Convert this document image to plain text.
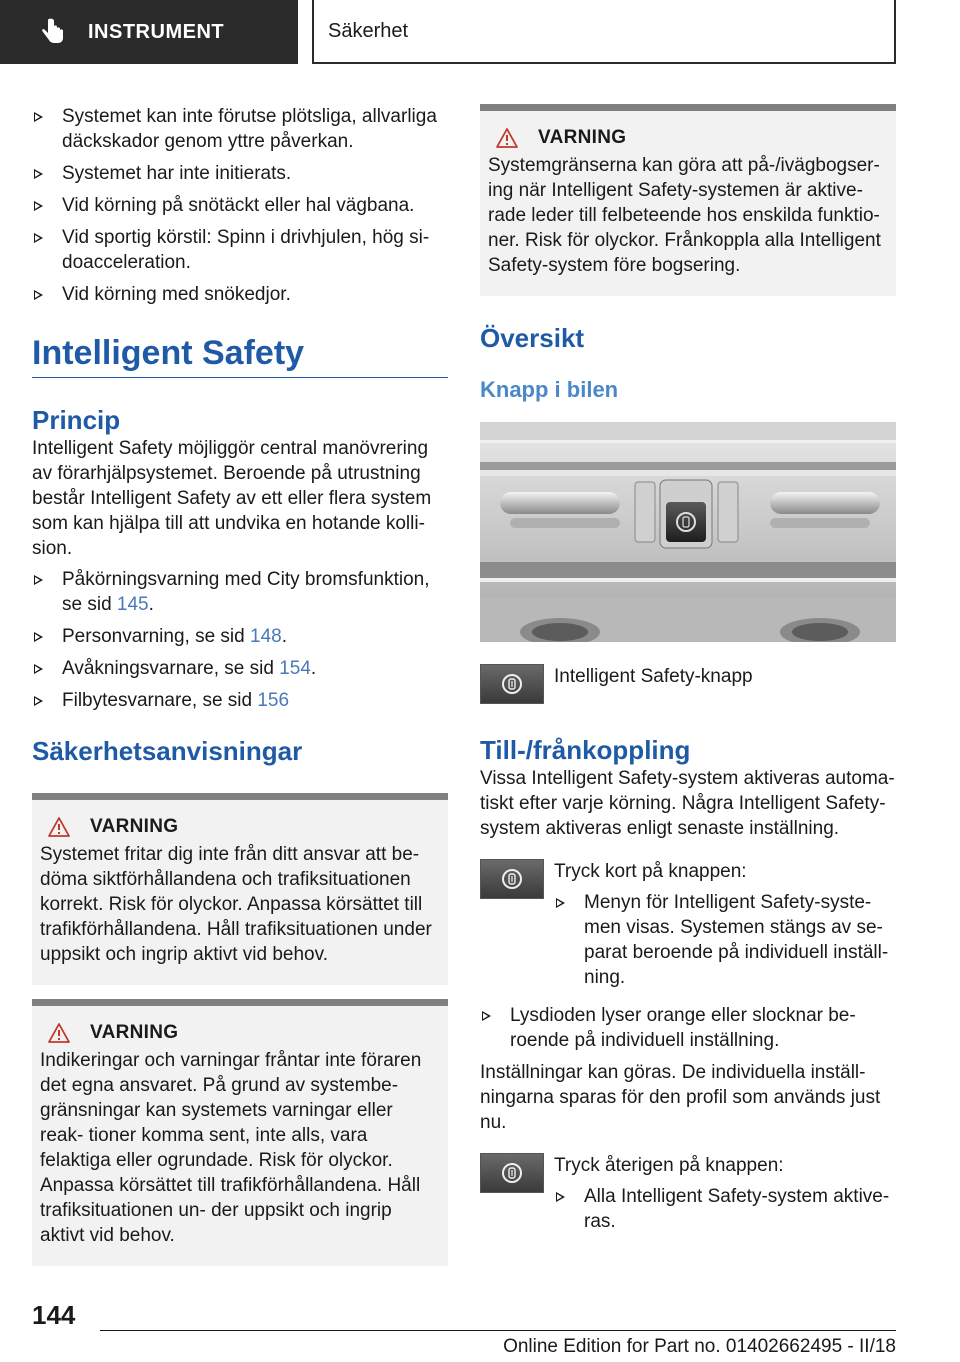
INSTRUMENT	Säkerhet
Systemet kan inte förutse plötsliga, allvarliga däckskador genom yttre påverkan.
Systemet har inte initierats.
Vid körning på snötäckt eller hal vägbana.
Vid sportig körstil: Spinn i drivhjulen, hög si- doacceleration.
Vid körning med snökedjor.
Intelligent Safety
Princip

Intelligent Safety möjliggör central manövrering av förarhjälpsystemet. Beroende på utrustning består Intelligent Safety av ett eller flera system som kan hjälpa till att undvika en hotande kolli- sion.

Påkörningsvarning med City bromsfunktion, se sid 145.
Personvarning, se sid 148.
Avåkningsvarnare, se sid 154.
Filbytesvarnare, se sid 156
Säkerhetsanvisningar
VARNING

Systemet fritar dig inte från ditt ansvar att be- döma siktförhållandena och trafiksituationen korrekt. Risk för olyckor. Anpassa körsättet till trafikförhållandena. Håll trafiksituationen under uppsikt och ingrip aktivt vid behov.

VARNING

Indikeringar och varningar fråntar inte föraren det egna ansvaret. På grund av systembe- gränsningar kan systemets varningar eller reak- tioner komma sent, inte alls, vara felaktiga eller ogrundade. Risk för olyckor. Anpassa körsättet till trafikförhållandena. Håll trafiksituationen un- der uppsikt och ingrip aktivt vid behov.

VARNING

Systemgränserna kan göra att på-/ivägbogser- ing när Intelligent Safety-systemen är aktive- rade leder till felbeteende hos enskilda funktio- ner. Risk för olyckor. Frånkoppla alla Intelligent Safety-system före bogsering.

Översikt
Knapp i bilen
Intelligent Safety-knapp
Till-/frånkoppling

Vissa Intelligent Safety-system aktiveras automa- tiskt efter varje körning. Några Intelligent Safety- system aktiveras enligt senaste inställning.

Tryck kort på knappen:

Menyn för Intelligent Safety-syste- men visas. Systemen stängs av se- parat beroende på individuell inställ- ning.
Lysdioden lyser orange eller slocknar be- roende på individuell inställning.

Inställningar kan göras. De individuella inställ- ningarna sparas för den profil som används just nu.

Tryck återigen på knappen:

Alla Intelligent Safety-system aktive- ras.
144
Online Edition for Part no. 01402662495 - II/18
